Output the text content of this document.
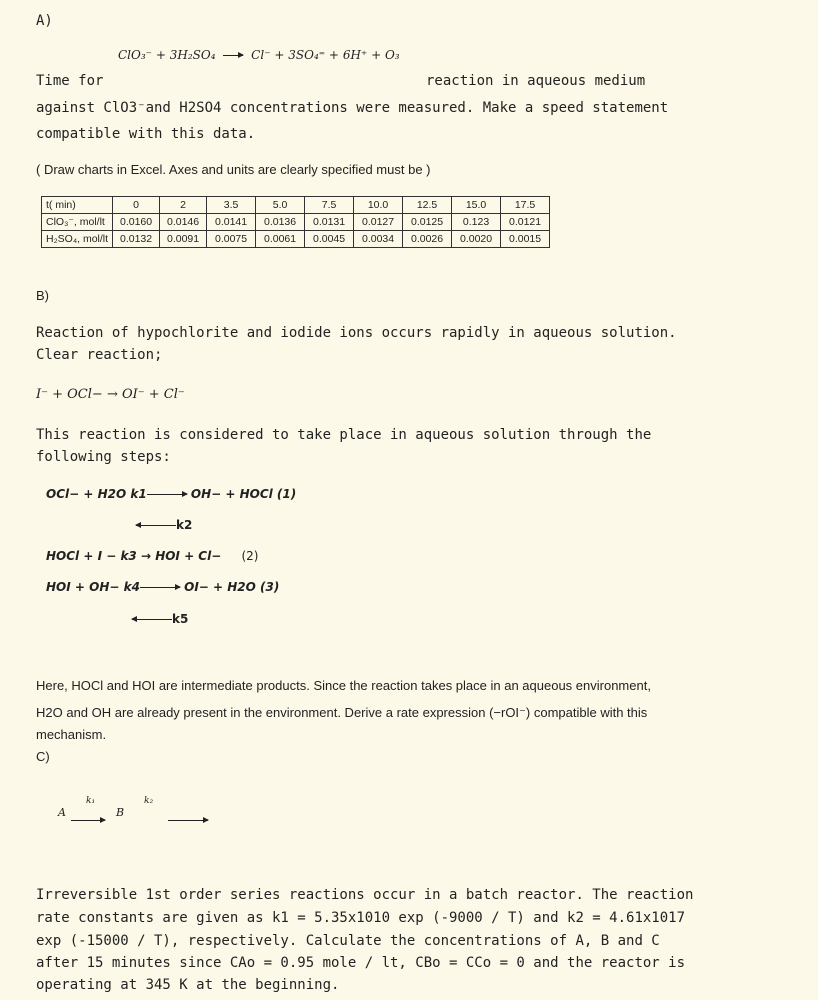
A)
ClO₃⁻ + 3H₂SO₄ → Cl⁻ + 3SO₄⁼ + 6H⁺ + O₃
Time for	reaction in aqueous medium
against ClO3⁻and H2SO4 concentrations were measured. Make a speed statement
compatible with this data.
( Draw charts in Excel. Axes and units are clearly specified must be )
t( min)	0	2	3.5	5.0	7.5	10.0	12.5	15.0	17.5
ClO₃⁻, mol/lt	0.0160	0.0146	0.0141	0.0136	0.0131	0.0127	0.0125	0.123	0.0121
H₂SO₄, mol/lt	0.0132	0.0091	0.0075	0.0061	0.0045	0.0034	0.0026	0.0020	0.0015
B)
Reaction of hypochlorite and iodide ions occurs rapidly in aqueous solution.
Clear reaction;
I⁻ + OCl− → OI⁻ + Cl⁻
This reaction is considered to take place in aqueous solution through the
following steps:
OCl− + H2O k1	OH− + HOCl (1)
k2
HOCl + I − k3 → HOI + Cl− (2)
HOI + OH− k4	OI− + H2O (3)
k5
Here, HOCl and HOI are intermediate products. Since the reaction takes place in an aqueous environment,
H2O and OH are already present in the environment. Derive a rate expression (−rOI⁻) compatible with this
mechanism.
C)
A
k₁

B
k₂
Irreversible 1st order series reactions occur in a batch reactor. The reaction
rate constants are given as k1 = 5.35x1010 exp (-9000 / T) and k2 = 4.61x1017
exp (-15000 / T), respectively. Calculate the concentrations of A, B and C
after 15 minutes since CAo = 0.95 mole / lt, CBo = CCo = 0 and the reactor is
operating at 345 K at the beginning.
